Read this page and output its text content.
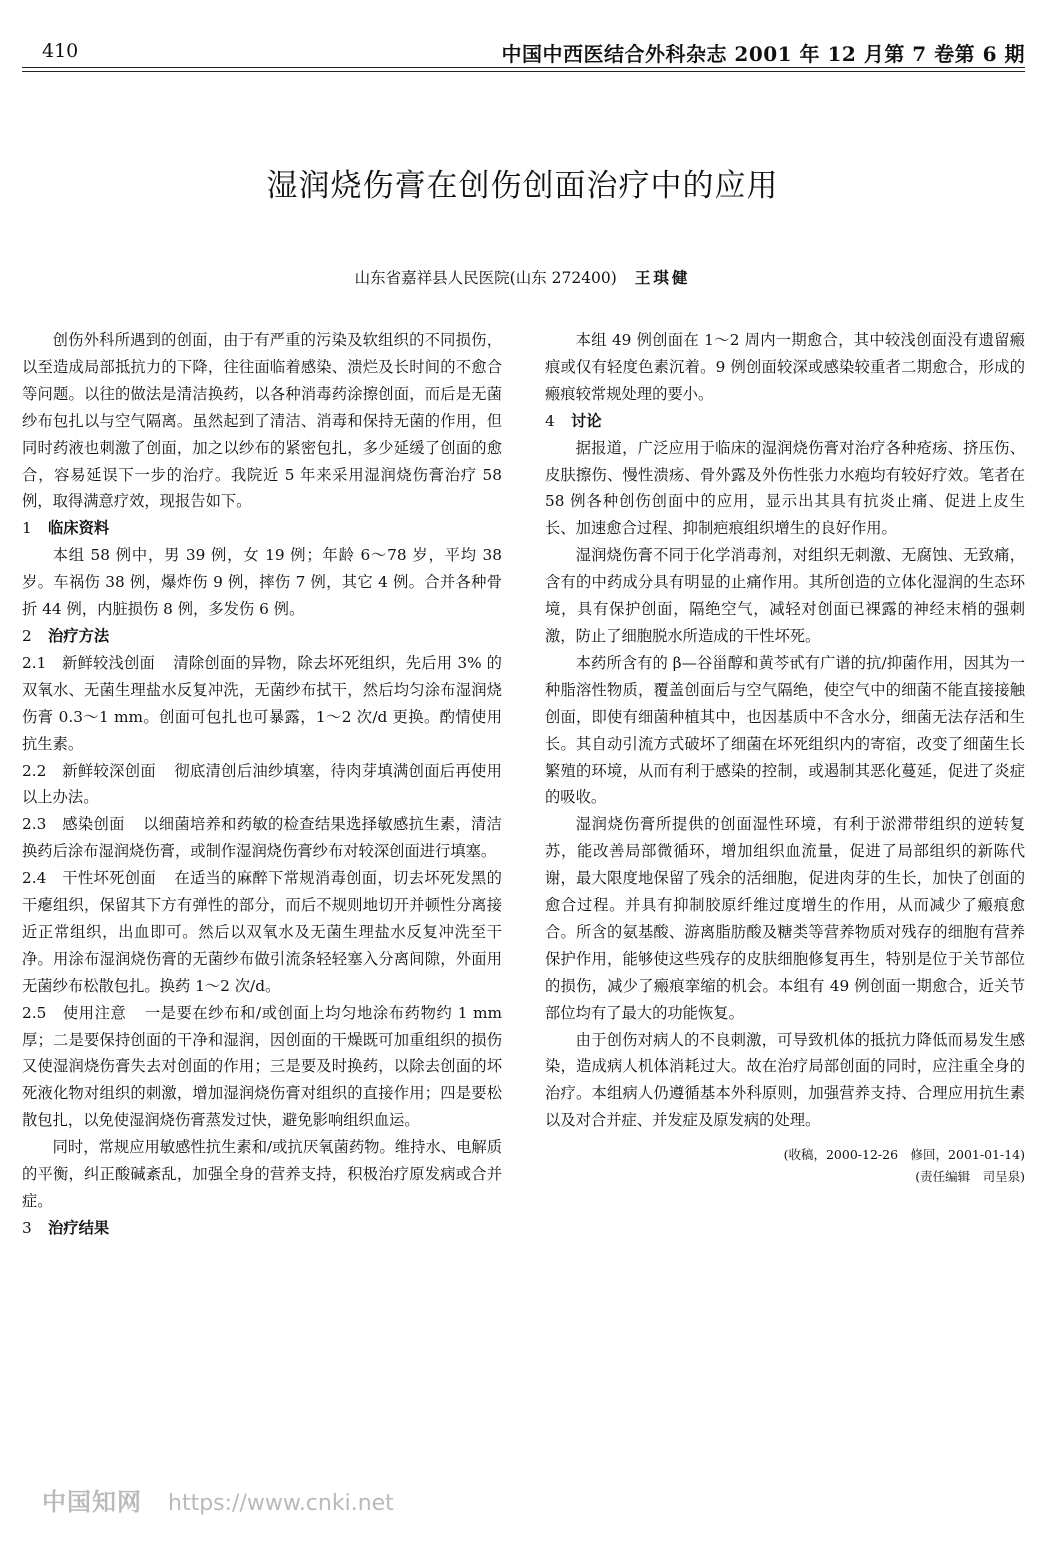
410	中国中西医结合外科杂志 2001 年 12 月第 7 卷第 6 期
湿润烧伤膏在创伤创面治疗中的应用
山东省嘉祥县人民医院(山东 272400) 王琪健

创伤外科所遇到的创面，由于有严重的污染及软组织的不同损伤，以至造成局部抵抗力的下降，往往面临着感染、溃烂及长时间的不愈合等问题。以往的做法是清洁换药，以各种消毒药涂擦创面，而后是无菌纱布包扎以与空气隔离。虽然起到了清洁、消毒和保持无菌的作用，但同时药液也刺激了创面，加之以纱布的紧密包扎，多少延缓了创面的愈合，容易延误下一步的治疗。我院近 5 年来采用湿润烧伤膏治疗 58 例，取得满意疗效，现报告如下。

1 临床资料

本组 58 例中，男 39 例，女 19 例；年龄 6～78 岁，平均 38 岁。车祸伤 38 例，爆炸伤 9 例，摔伤 7 例，其它 4 例。合并各种骨折 44 例，内脏损伤 8 例，多发伤 6 例。

2 治疗方法

2.1　 新鲜较浅创面 清除创面的异物，除去坏死组织，先后用 3% 的双氧水、无菌生理盐水反复冲洗，无菌纱布拭干，然后均匀涂布湿润烧伤膏 0.3～1 mm。创面可包扎也可暴露，1～2 次/d 更换。酌情使用抗生素。

2.2　 新鲜较深创面 彻底清创后油纱填塞，待肉芽填满创面后再使用以上办法。

2.3　 感染创面 以细菌培养和药敏的检查结果选择敏感抗生素，清洁换药后涂布湿润烧伤膏，或制作湿润烧伤膏纱布对较深创面进行填塞。

2.4　 干性坏死创面 在适当的麻醉下常规消毒创面，切去坏死发黑的干瘪组织，保留其下方有弹性的部分，而后不规则地切开并顿性分离接近正常组织，出血即可。然后以双氧水及无菌生理盐水反复冲洗至干净。用涂布湿润烧伤膏的无菌纱布做引流条轻轻塞入分离间隙，外面用无菌纱布松散包扎。换药 1～2 次/d。

2.5　 使用注意 一是要在纱布和/或创面上均匀地涂布药物约 1 mm 厚；二是要保持创面的干净和湿润，因创面的干燥既可加重组织的损伤又使湿润烧伤膏失去对创面的作用；三是要及时换药，以除去创面的坏死液化物对组织的刺激，增加湿润烧伤膏对组织的直接作用；四是要松散包扎，以免使湿润烧伤膏蒸发过快，避免影响组织血运。

同时，常规应用敏感性抗生素和/或抗厌氧菌药物。维持水、电解质的平衡，纠正酸碱紊乱，加强全身的营养支持，积极治疗原发病或合并症。

3 治疗结果

本组 49 例创面在 1～2 周内一期愈合，其中较浅创面没有遗留瘢痕或仅有轻度色素沉着。9 例创面较深或感染较重者二期愈合，形成的瘢痕较常规处理的要小。

4 讨论

据报道，广泛应用于临床的湿润烧伤膏对治疗各种疮疡、挤压伤、皮肤擦伤、慢性溃疡、骨外露及外伤性张力水疱均有较好疗效。笔者在 58 例各种创伤创面中的应用，显示出其具有抗炎止痛、促进上皮生长、加速愈合过程、抑制疤痕组织增生的良好作用。

湿润烧伤膏不同于化学消毒剂，对组织无刺激、无腐蚀、无致痛，含有的中药成分具有明显的止痛作用。其所创造的立体化湿润的生态环境，具有保护创面，隔绝空气，减轻对创面已裸露的神经末梢的强刺激，防止了细胞脱水所造成的干性坏死。

本药所含有的 β—谷甾醇和黄芩甙有广谱的抗/抑菌作用，因其为一种脂溶性物质，覆盖创面后与空气隔绝，使空气中的细菌不能直接接触创面，即使有细菌种植其中，也因基质中不含水分，细菌无法存活和生长。其自动引流方式破坏了细菌在坏死组织内的寄宿，改变了细菌生长繁殖的环境，从而有利于感染的控制，或遏制其恶化蔓延，促进了炎症的吸收。

湿润烧伤膏所提供的创面湿性环境，有利于淤滞带组织的逆转复苏，能改善局部微循环，增加组织血流量，促进了局部组织的新陈代谢，最大限度地保留了残余的活细胞，促进肉芽的生长，加快了创面的愈合过程。并具有抑制胶原纤维过度增生的作用，从而减少了瘢痕愈合。所含的氨基酸、游离脂肪酸及糖类等营养物质对残存的细胞有营养保护作用，能够使这些残存的皮肤细胞修复再生，特别是位于关节部位的损伤，减少了瘢痕挛缩的机会。本组有 49 例创面一期愈合，近关节部位均有了最大的功能恢复。

由于创伤对病人的不良刺激，可导致机体的抵抗力降低而易发生感染，造成病人机体消耗过大。故在治疗局部创面的同时，应注重全身的治疗。本组病人仍遵循基本外科原则，加强营养支持、合理应用抗生素以及对合并症、并发症及原发病的处理。

(收稿，2000-12-26　修回，2001-01-14)
(责任编辑　司呈泉)
中国知网 https://www.cnki.net
